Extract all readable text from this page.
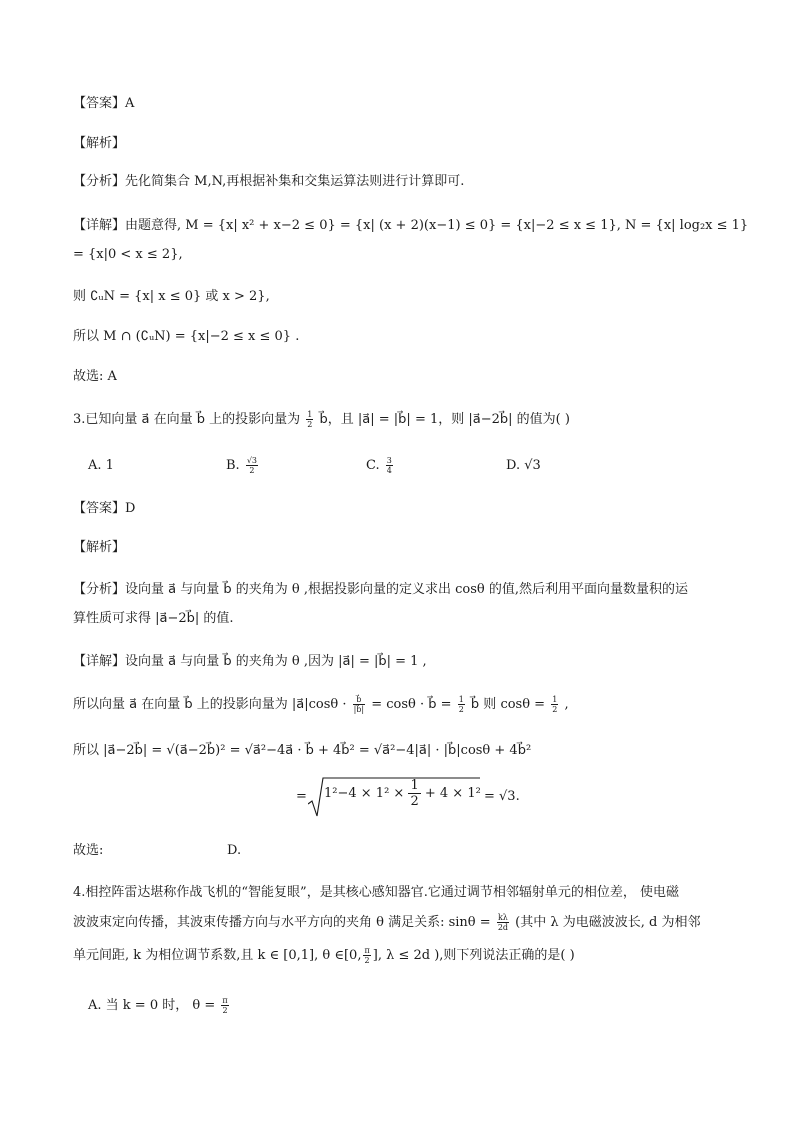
【答案】A
【解析】
【分析】先化简集合 M,N,再根据补集和交集运算法则进行计算即可.
【详解】由题意得, M = {x| x² + x−2 ≤ 0} = {x| (x + 2)(x−1) ≤ 0} = {x|−2 ≤ x ≤ 1}, N = {x| log₂x ≤ 1}
= {x|0 < x ≤ 2},
则 ∁ᵤN = {x| x ≤ 0} 或 x > 2},
所以 M ∩ (∁ᵤN) = {x|−2 ≤ x ≤ 0} .
故选: A
3.已知向量 a⃗ 在向量 b⃗ 上的投影向量为 $\frac{1}{2}$ b⃗，且 |a⃗| = |b⃗| = 1，则 |a⃗−2b⃗| 的值为( )
A. 1	B. $\frac{√3}{2}$	C. $\frac{3}{4}$	D. √3
【答案】D
【解析】
【分析】设向量 a⃗ 与向量 b⃗ 的夹角为 θ ,根据投影向量的定义求出 cosθ 的值,然后利用平面向量数量积的运
算性质可求得 |a⃗−2b⃗| 的值.
【详解】设向量 a⃗ 与向量 b⃗ 的夹角为 θ ,因为 |a⃗| = |b⃗| = 1 ,
所以向量 a⃗ 在向量 b⃗ 上的投影向量为 |a⃗|cosθ · $\frac{b⃗}{|b⃗|} = \cos\theta$ · b⃗ = $\frac{1}{2}$ b⃗ 则 $\cos\theta = \frac{1}{2}$ ,
所以 |a⃗−2b⃗| = √(a⃗−2b⃗)² = √a⃗²−4a⃗ · b⃗ + 4b⃗² = √a⃗²−4|a⃗| · |b⃗|cosθ + 4b⃗²
= $1^2-4 \times 1^2 \times \frac{1}{2} + 4 \times 1^2 = √3$.
故选:	D.
4.相控阵雷达堪称作战飞机的“智能复眼”，是其核心感知器官.它通过调节相邻辐射单元的相位差， 使电磁
波波束定向传播，其波束传播方向与水平方向的夹角 θ 满足关系: $\sin\theta = \frac{k\lambda}{2d}$ (其中 λ 为电磁波波长, d 为相邻
单元间距, k 为相位调节系数,且 k ∈ [0,1], θ ∈[0, $\frac{\pi}{2}$ ], λ ≤ 2d ),则下列说法正确的是( )
A. 当 k = 0 时， $\theta = \frac{\pi}{2}$
